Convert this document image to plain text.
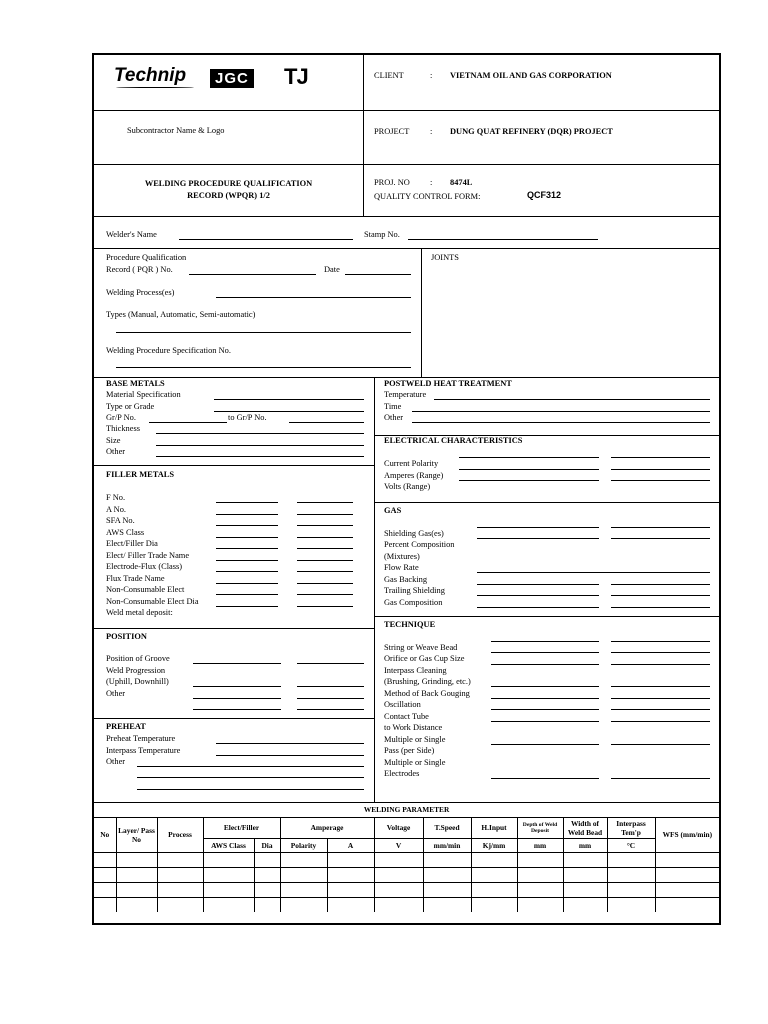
Technip	JGC TJ	CLIENT	: VIETNAM OIL AND GAS CORPORATION
Subcontractor Name & Logo	PROJECT : DUNG QUAT REFINERY (DQR) PROJECT
WELDING PROCEDURE QUALIFICATION
RECORD (WPQR) 1/2
PROJ. NO : 8474L
QUALITY CONTROL FORM:	QCF312
Welder's Name	Stamp No.
Procedure Qualification
Record ( PQR ) No.	Date
JOINTS
Welding Process(es)
Types (Manual, Automatic, Semi-automatic)
Welding Procedure Specification No.
BASE METALS
Material Specification
Type or Grade
Gr/P No.	to Gr/P No.
Thickness
Size
Other
FILLER METALS
F No.
A No.
SFA No.
AWS Class
Elect/Filler Dia
Elect/ Filler Trade Name
Electrode-Flux (Class)
Flux Trade Name
Non-Consumable Elect
Non-Consumable Elect Dia
Weld metal deposit:
POSITION
Position of Groove
Weld Progression
(Uphill, Downhill)
Other
PREHEAT
Preheat Temperature
Interpass Temperature
Other
POSTWELD HEAT TREATMENT
Temperature
Time
Other
ELECTRICAL CHARACTERISTICS
Current Polarity
Amperes (Range)
Volts (Range)
GAS
Shielding Gas(es)
Percent Composition
(Mixtures)
Flow Rate
Gas Backing
Trailing Shielding
Gas Composition
TECHNIQUE
String or Weave Bead
Orifice or Gas Cup Size
Interpass Cleaning
(Brushing, Grinding, etc.)
Method of Back Gouging
Oscillation
Contact Tube
to Work Distance
Multiple or Single
Pass (per Side)
Multiple or Single
Electrodes
WELDING PARAMETER													
No	Layer/ Pass No	Process	Elect/Filler		Amperage		Voltage	T.Speed	H.Input	Depth of Weld Deposit	Width of Weld Bead	Interpass Tem'p	WFS (mm/min)
			AWS Class	Dia	Polarity	A	V	mm/min	Kj/mm	mm	mm	°C	
